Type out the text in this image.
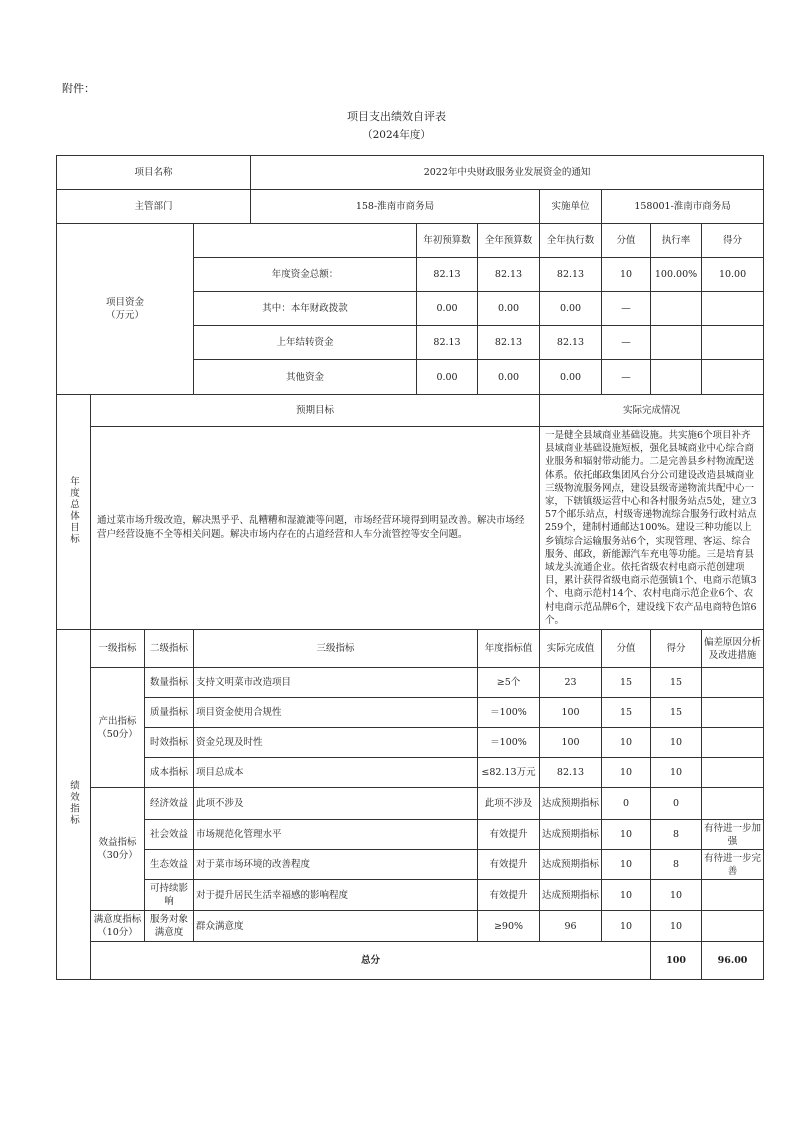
附件：
项目支出绩效自评表
（2024年度）
项目名称				2022年中央财政服务业发展资金的通知							
主管部门				158-淮南市商务局			实施单位	158001-淮南市商务局			
项目资金
（万元）					年初预算数	全年预算数	全年执行数	分值	执行率	得分	
			年度资金总额：		82.13	82.13	82.13	10	100.00%	10.00	
			其中：本年财政拨款		0.00	0.00	0.00	—			
			上年结转资金		82.13	82.13	82.13	—			
			其他资金		0.00	0.00	0.00	—			
年度总体目标	预期目标						实际完成情况				
	通过菜市场升级改造，解决黑乎乎、乱糟糟和湿漉漉等问题，市场经营环境得到明显改善。解决市场经营户经营设施不全等相关问题。解决市场内存在的占道经营和人车分流管控等安全问题。						一是健全县域商业基础设施。共实施6个项目补齐县域商业基础设施短板，强化县城商业中心综合商业服务和辐射带动能力。二是完善县乡村物流配送体系。依托邮政集团风台分公司建设改造县城商业三级物流服务网点，建设县级寄递物流共配中心一家，下辖镇级运营中心和各村服务站点5处，建立357个邮乐站点，村级寄递物流综合服务行政村站点259个，建制村通邮达100%。建设三种功能以上乡镇综合运输服务站6个，实现管理、客运、综合服务、邮政，新能源汽车充电等功能。三是培育县域龙头流通企业。依托省级农村电商示范创建项目，累计获得省级电商示范强镇1个、电商示范镇3个、电商示范村14个、农村电商示范企业6个、农村电商示范品牌6个，建设线下农产品电商特色馆6个。				
绩效指标	一级指标	二级指标	三级指标			年度指标值	实际完成值	分值	得分	偏差原因分析及改进措施	
	产出指标
（50分）	数量指标	支持文明菜市改造项目			≥5个	23	15	15		
		质量指标	项目资金使用合规性			＝100%	100	15	15		
		时效指标	资金兑现及时性			＝100%	100	10	10		
		成本指标	项目总成本			≤82.13万元	82.13	10	10		
	效益指标
（30分）	经济效益	此项不涉及			此项不涉及	达成预期指标	0	0		
		社会效益	市场规范化管理水平			有效提升	达成预期指标	10	8	有待进一步加强	
		生态效益	对于菜市场环境的改善程度			有效提升	达成预期指标	10	8	有待进一步完善	
		可持续影响	对于提升居民生活幸福感的影响程度			有效提升	达成预期指标	10	10		
	满意度指标（10分）	服务对象满意度	群众满意度			≥90%	96	10	10		
	总分								100	96.00	
